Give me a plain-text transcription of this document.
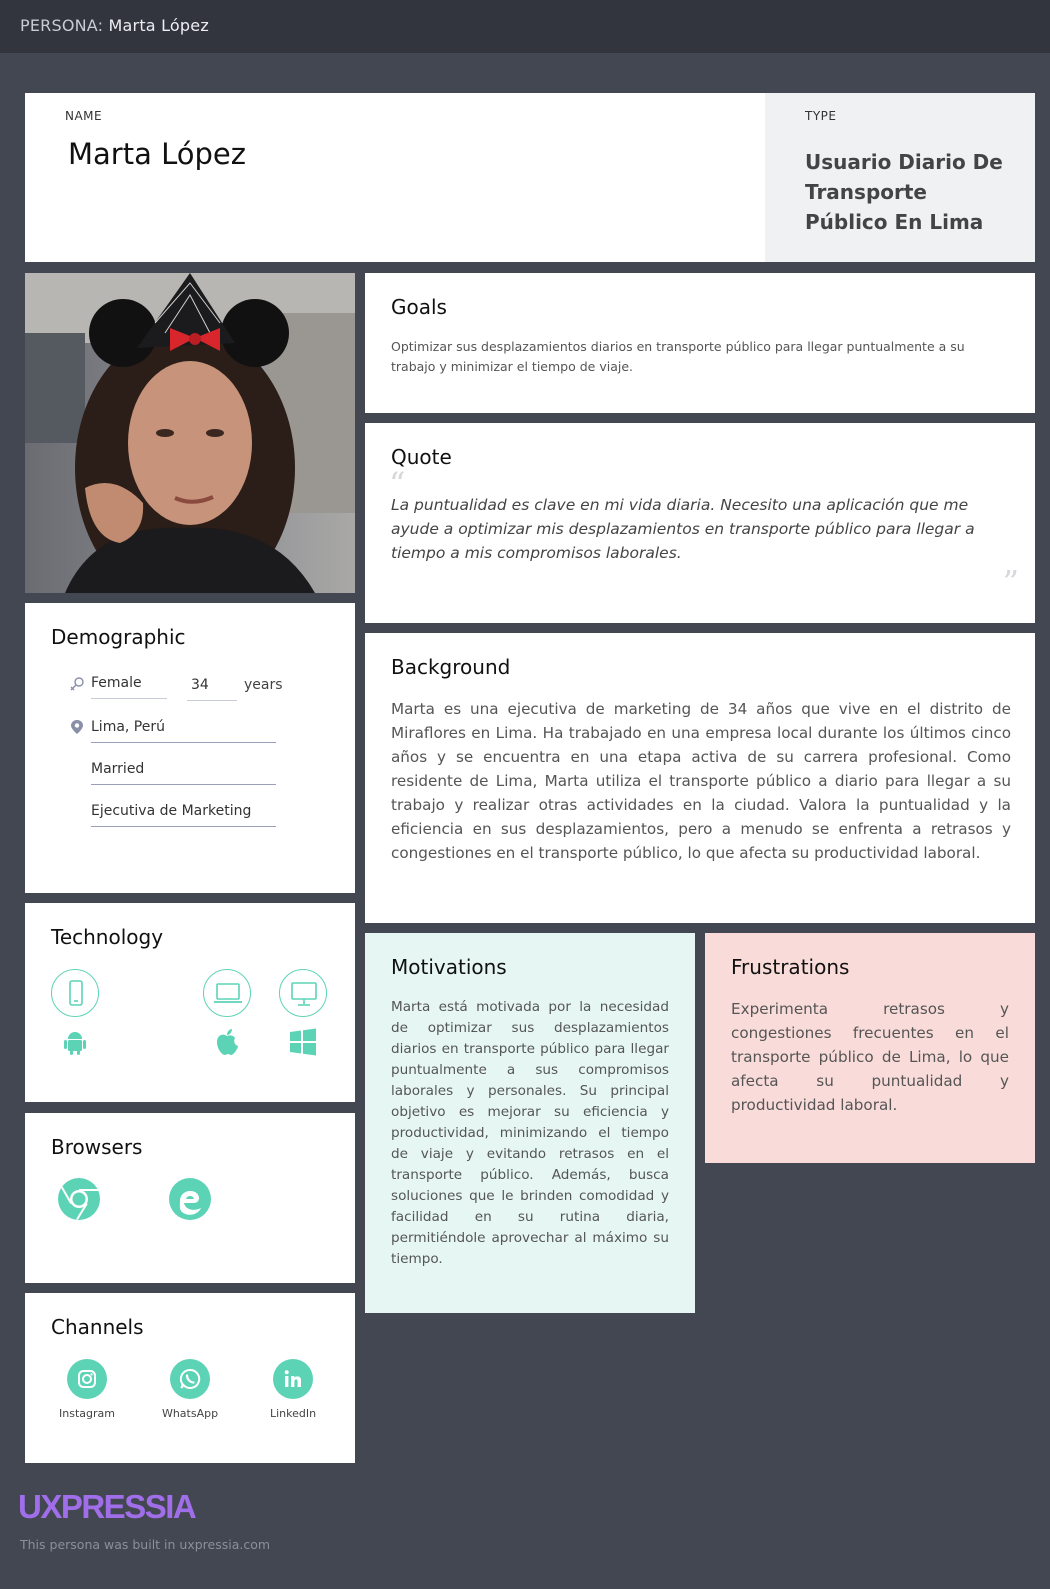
PERSONA: Marta López
NAME
Marta López
TYPE
Usuario Diario De
Transporte
Público En Lima
Goals
Optimizar sus desplazamientos diarios en transporte público para llegar puntualmente a su trabajo y minimizar el tiempo de viaje.
Quote
“
La puntualidad es clave en mi vida diaria. Necesito una aplicación que me ayude a optimizar mis desplazamientos en transporte público para llegar a tiempo a mis compromisos laborales.
”
Demographic
Female	34	years
Lima, Perú
Married
Ejecutiva de Marketing
Background
Marta es una ejecutiva de marketing de 34 años que vive en el distrito de Miraflores en Lima. Ha trabajado en una empresa local durante los últimos cinco años y se encuentra en una etapa activa de su carrera profesional. Como residente de Lima, Marta utiliza el transporte público a diario para llegar a su trabajo y realizar otras actividades en la ciudad. Valora la puntualidad y la eficiencia en sus desplazamientos, pero a menudo se enfrenta a retrasos y congestiones en el transporte público, lo que afecta su productividad laboral.
Technology
Motivations
Marta está motivada por la necesidad de optimizar sus desplazamientos diarios en transporte público para llegar puntualmente a sus compromisos laborales y personales. Su principal objetivo es mejorar su eficiencia y productividad, minimizando el tiempo de viaje y evitando retrasos en el transporte público. Además, busca soluciones que le brinden comodidad y facilidad en su rutina diaria, permitiéndole aprovechar al máximo su tiempo.
Frustrations
Experimenta retrasos y congestiones frecuentes en el transporte público de Lima, lo que afecta su puntualidad y productividad laboral.
Browsers
Channels
Instagram	WhatsApp	LinkedIn
UXPRESSIA
This persona was built in uxpressia.com
